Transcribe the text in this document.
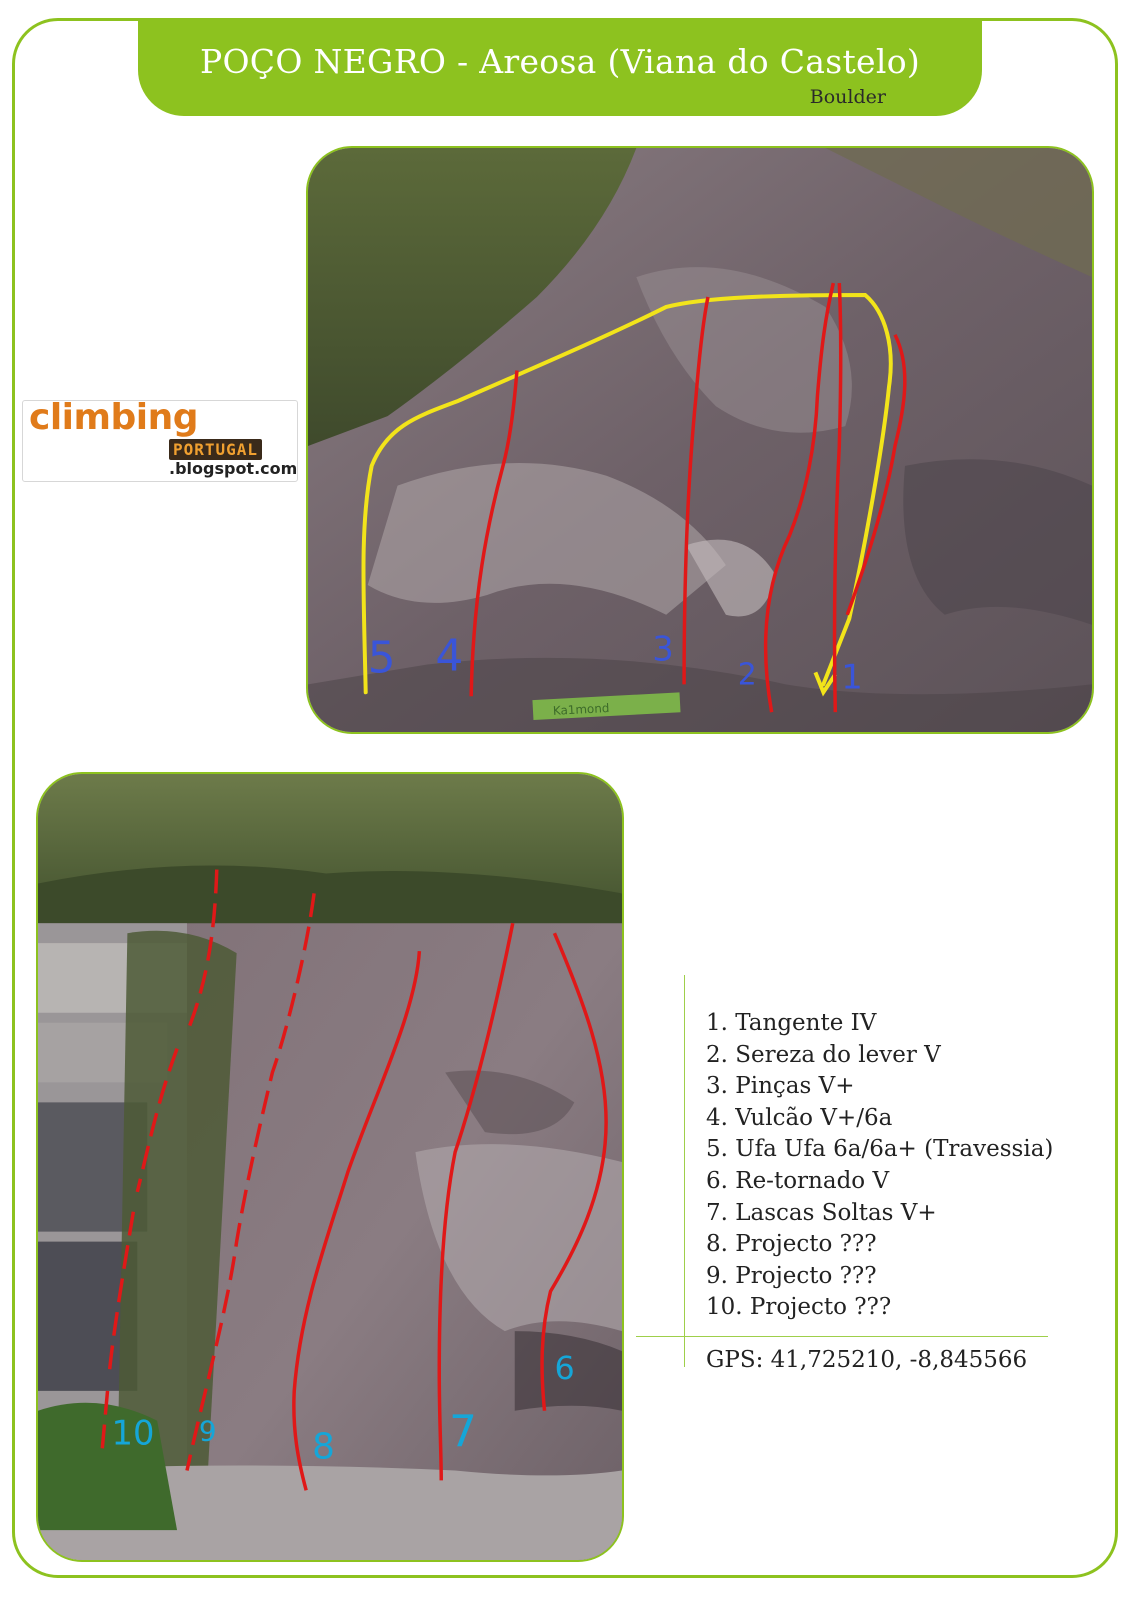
POÇO NEGRO - Areosa (Viana do Castelo)
Boulder
climbing
PORTUGAL
.blogspot.com
Ka1mond
5 4	3
2 1
10 9	8	7
6
1. Tangente IV
2. Sereza do lever V
3. Pinças V+
4. Vulcão V+/6a
5. Ufa Ufa 6a/6a+ (Travessia)
6. Re-tornado V
7. Lascas Soltas V+
8. Projecto ???
9. Projecto ???
10. Projecto ???
GPS: 41,725210, -8,845566
